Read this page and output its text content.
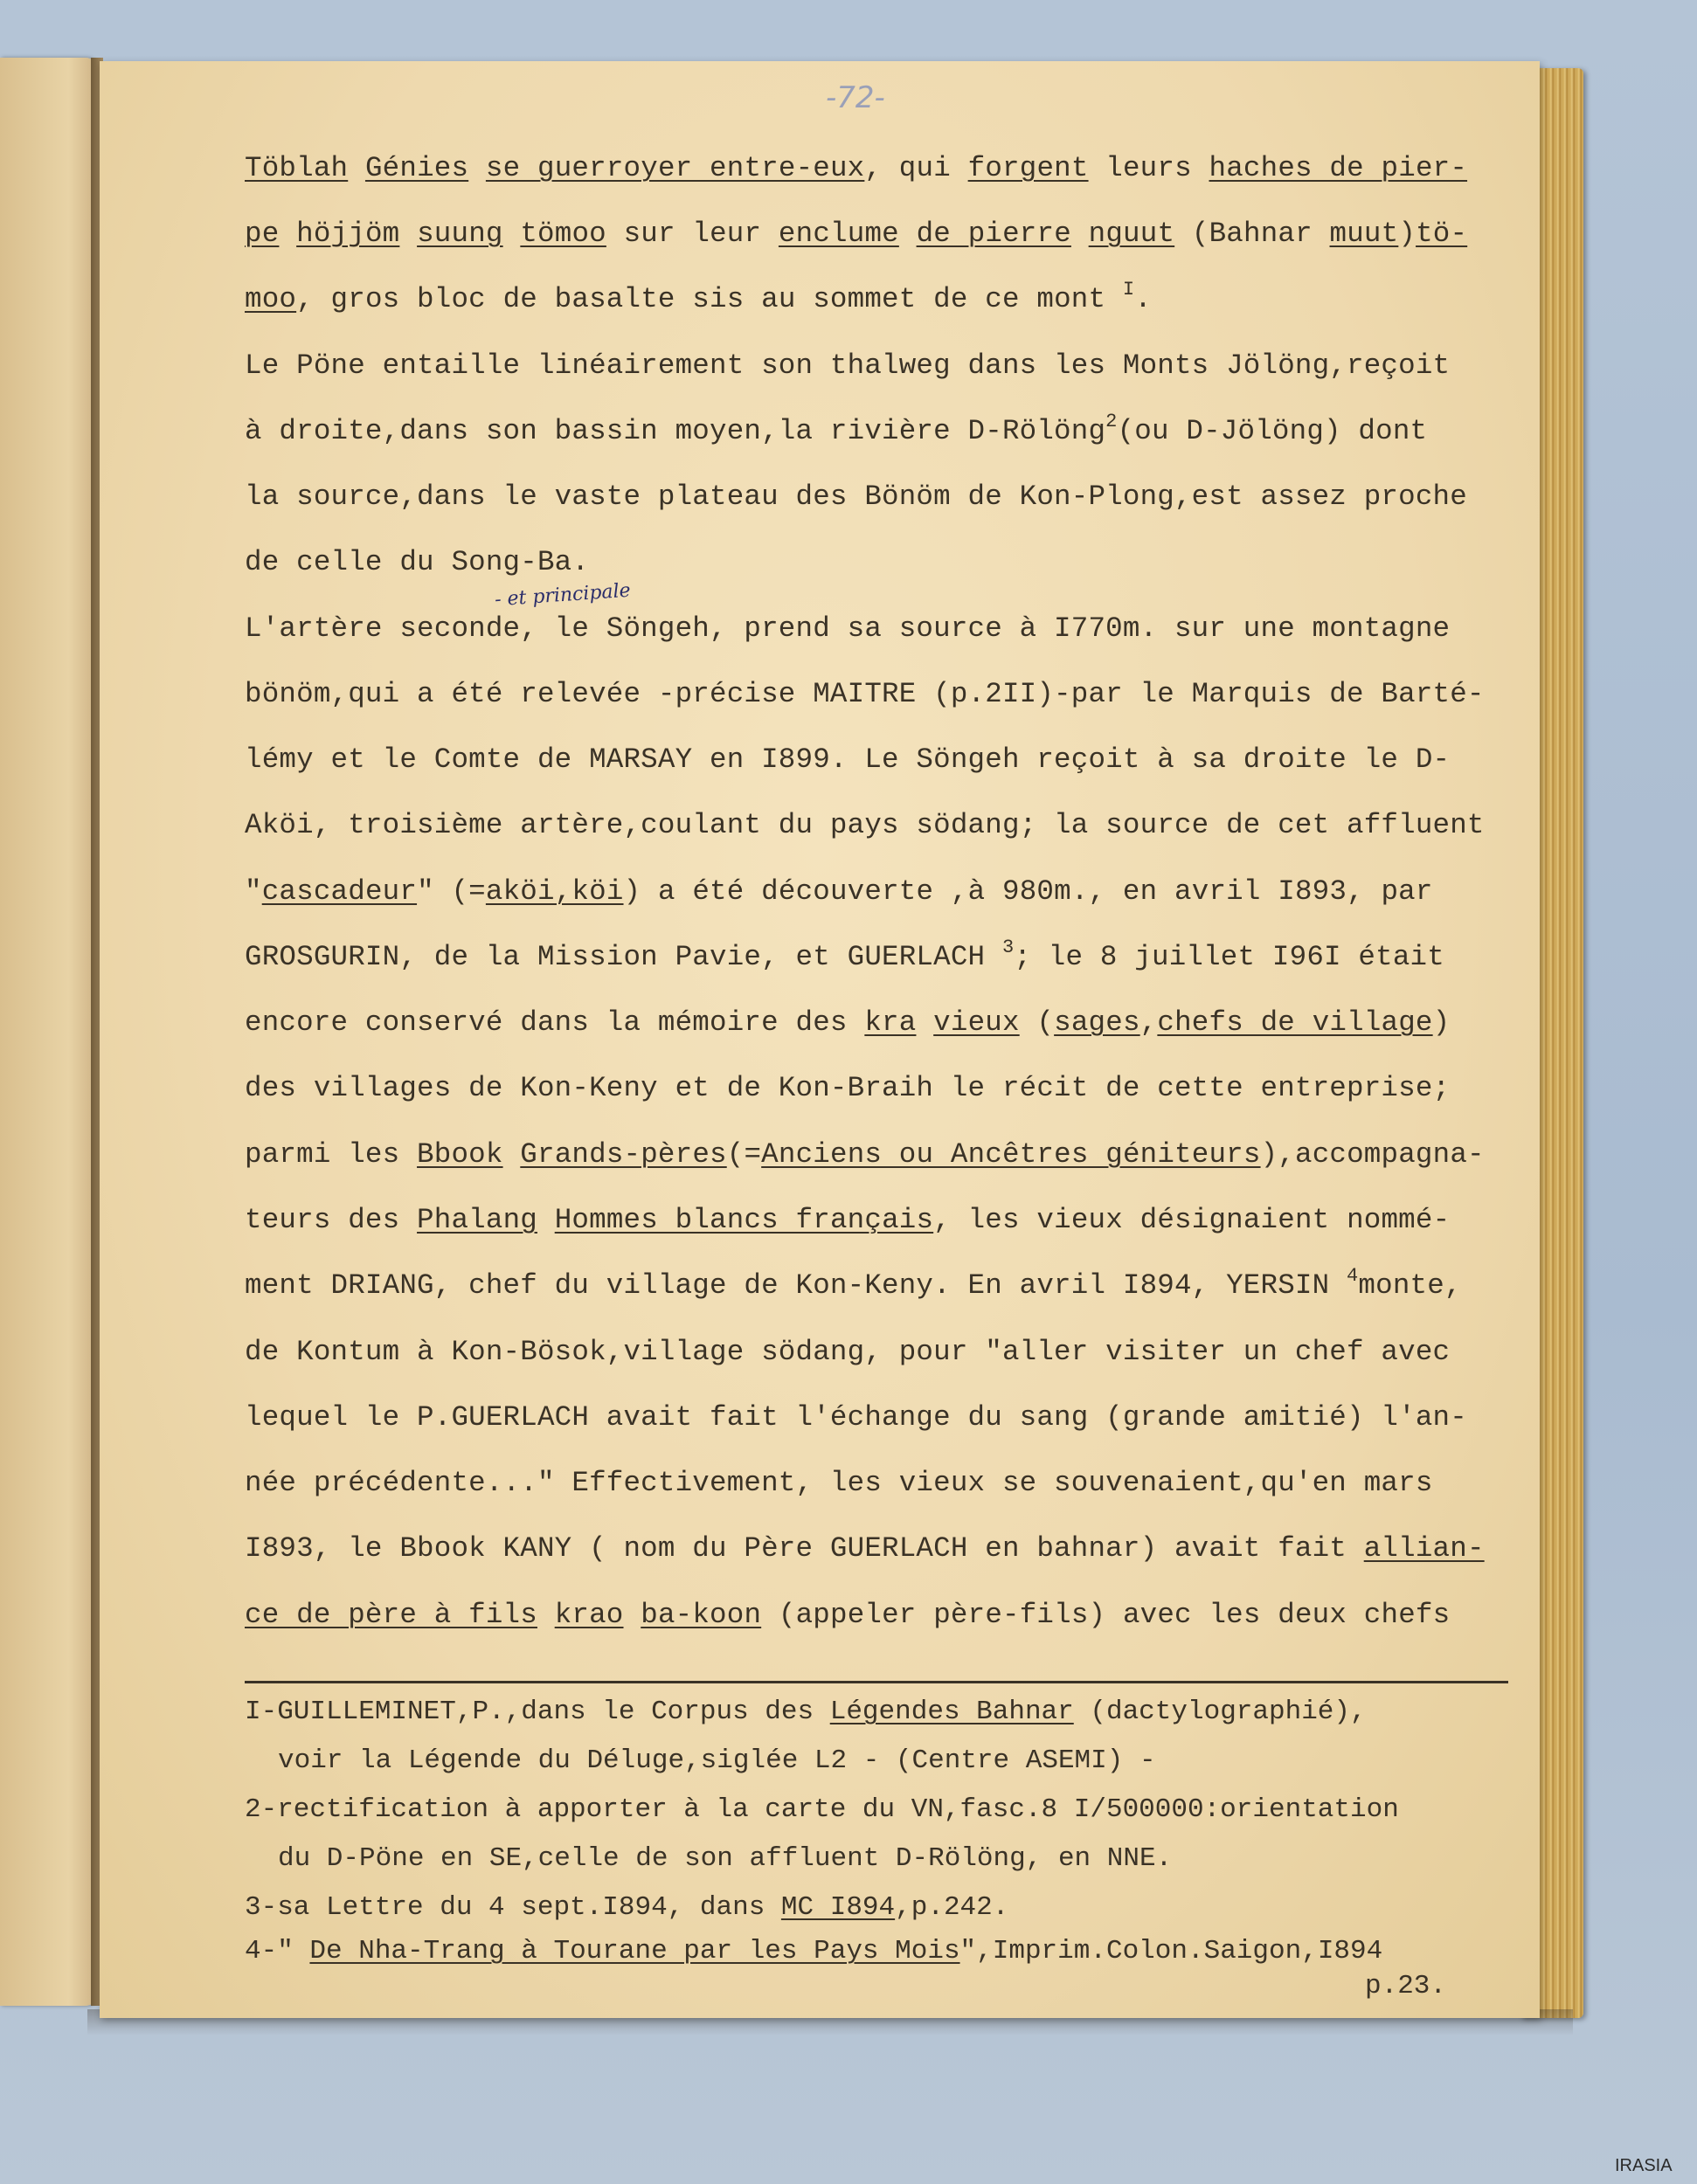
-72-
- et principale
Töblah Génies se guerroyer entre-eux, qui forgent leurs haches de pier-
pe höjjöm suung tömoo sur leur enclume de pierre nguut (Bahnar muut)tö-
moo, gros bloc de basalte sis au sommet de ce mont $^I$.
Le Pöne entaille linéairement son thalweg dans les Monts Jölöng,reçoit
à droite,dans son bassin moyen,la rivière D-Rölöng$^2$(ou D-Jölöng) dont
la source,dans le vaste plateau des Bönöm de Kon-Plong,est assez proche
de celle du Song-Ba.
L'artère seconde, le Söngeh, prend sa source à I770m. sur une montagne
bönöm,qui a été relevée -précise MAITRE (p.2II)-par le Marquis de Barté-
lémy et le Comte de MARSAY en I899. Le Söngeh reçoit à sa droite le D-
Aköi, troisième artère,coulant du pays södang; la source de cet affluent
"cascadeur" (=aköi,köi) a été découverte ,à 980m., en avril I893, par
GROSGURIN, de la Mission Pavie, et GUERLACH $^3$; le 8 juillet I96I était
encore conservé dans la mémoire des kra vieux (sages,chefs de village)
des villages de Kon-Keny et de Kon-Braih le récit de cette entreprise;
parmi les Bbook Grands-pères(=Anciens ou Ancêtres géniteurs),accompagna-
teurs des Phalang Hommes blancs français, les vieux désignaient nommé-
ment DRIANG, chef du village de Kon-Keny. En avril I894, YERSIN $^4$monte,
de Kontum à Kon-Bösok,village södang, pour "aller visiter un chef avec
lequel le P.GUERLACH avait fait l'échange du sang (grande amitié) l'an-
née précédente..." Effectivement, les vieux se souvenaient,qu'en mars
I893, le Bbook KANY ( nom du Père GUERLACH en bahnar) avait fait allian-
ce de père à fils krao ba-koon (appeler père-fils) avec les deux chefs
I-GUILLEMINET,P.,dans le Corpus des Légendes Bahnar (dactylographié),
voir la Légende du Déluge,siglée L2 - (Centre ASEMI) -
2-rectification à apporter à la carte du VN,fasc.8 I/500000:orientation
du D-Pöne en SE,celle de son affluent D-Rölöng, en NNE.
3-sa Lettre du 4 sept.I894, dans MC I894,p.242.
4-" De Nha-Trang à Tourane par les Pays Mois",Imprim.Colon.Saigon,I894
p.23.
IRASIA
